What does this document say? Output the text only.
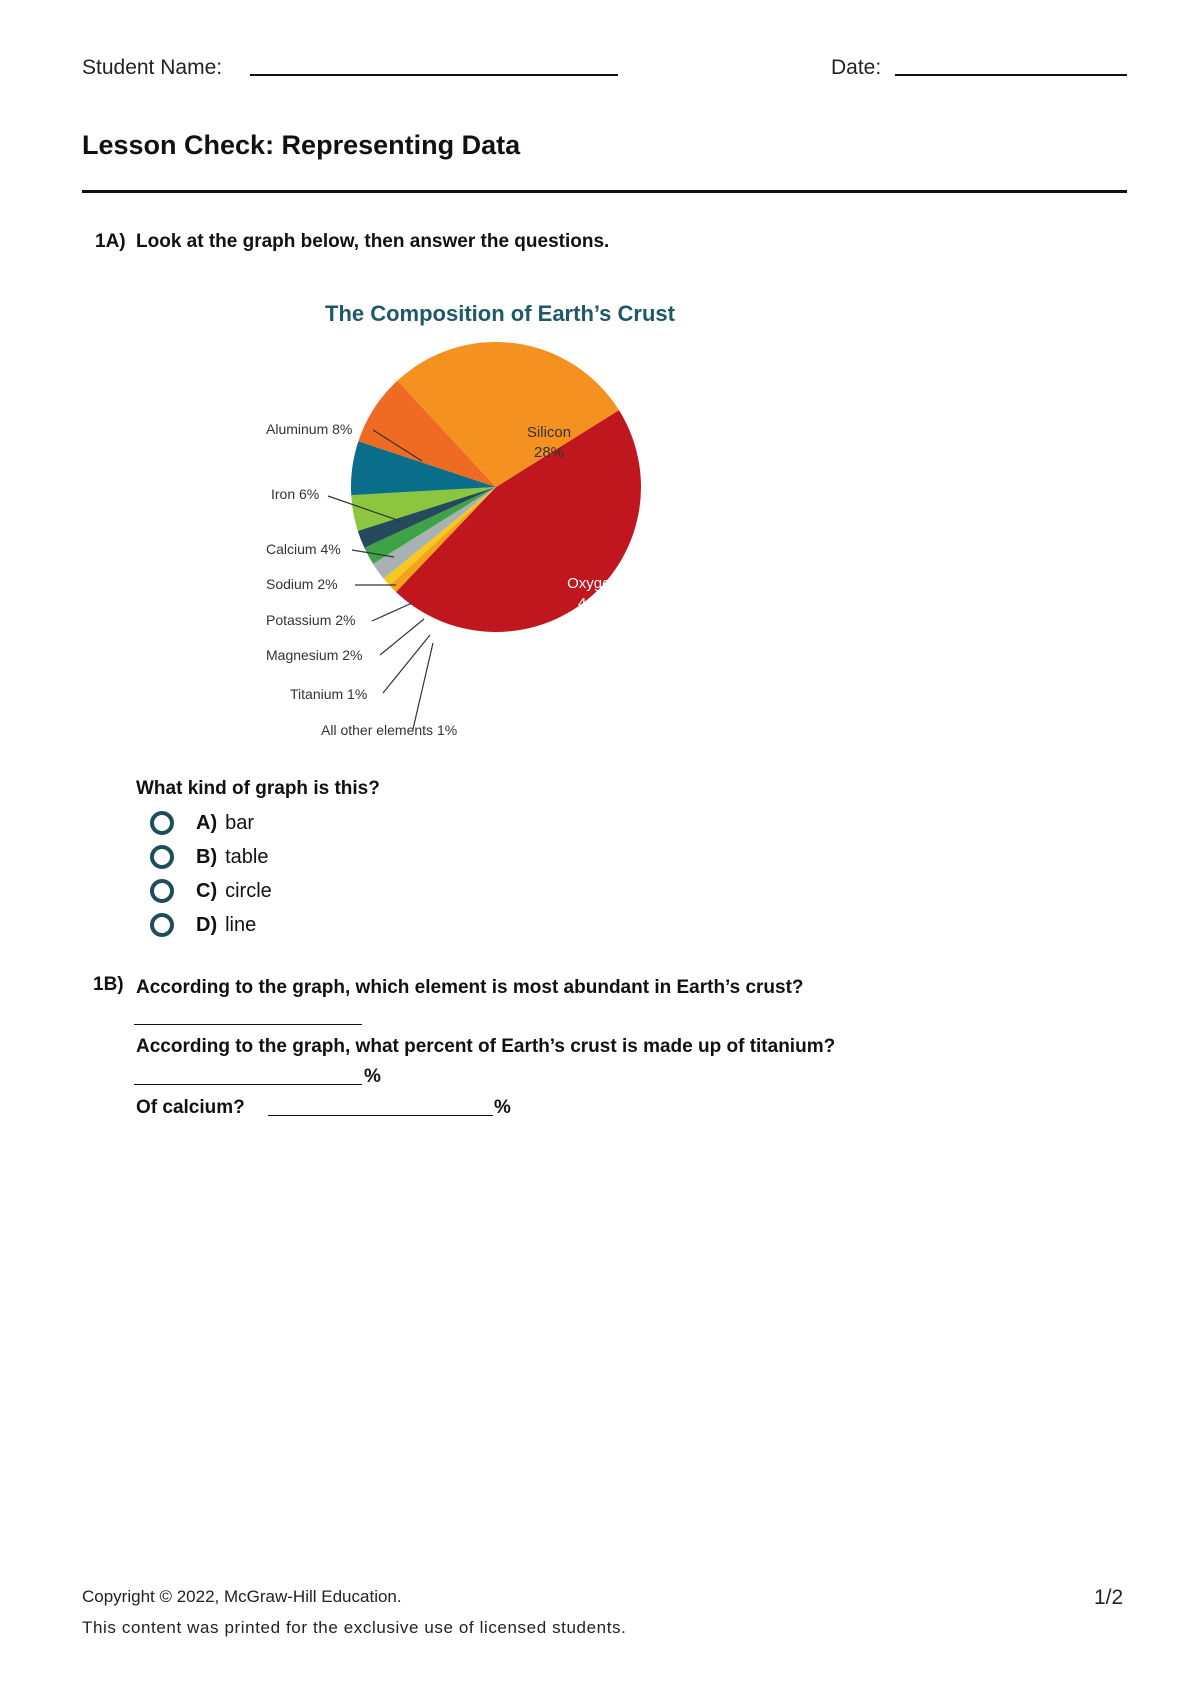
Student Name:	Date:
Lesson Check: Representing Data
1A) Look at the graph below, then answer the questions.
The Composition of Earth’s Crust
Aluminum 8%
Iron 6%
Calcium 4%
Sodium 2%
Potassium 2%
Magnesium 2%
Titanium 1%
All other elements 1%
Silicon
28%
Oxygen
46%
What kind of graph is this?
A) bar
B) table
C) circle
D) line
1B) According to the graph, which element is most abundant in Earth’s crust?
According to the graph, what percent of Earth’s crust is made up of titanium?
%
Of calcium?	%
Copyright © 2022, McGraw-Hill Education.
This content was printed for the exclusive use of licensed students.
1/2
